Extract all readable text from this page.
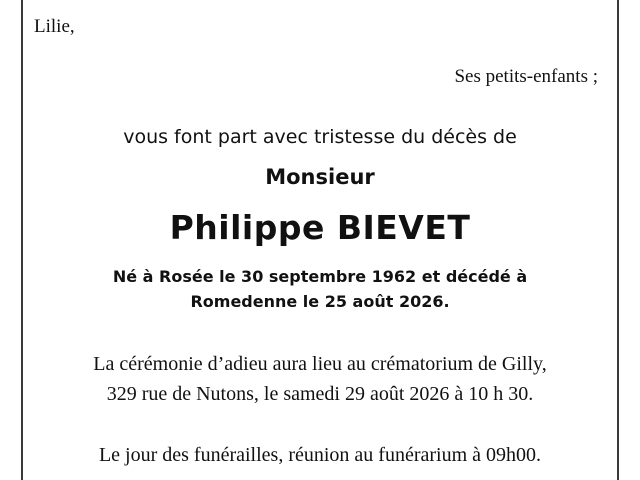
Lilie,
Ses petits-enfants ;
vous font part avec tristesse du décès de
Monsieur
Philippe BIEVET
Né à Rosée le 30 septembre 1962 et décédé à
Romedenne le 25 août 2026.
La cérémonie d’adieu aura lieu au crématorium de Gilly,
329 rue de Nutons, le samedi 29 août 2026 à 10 h 30.
Le jour des funérailles, réunion au funérarium à 09h00.
